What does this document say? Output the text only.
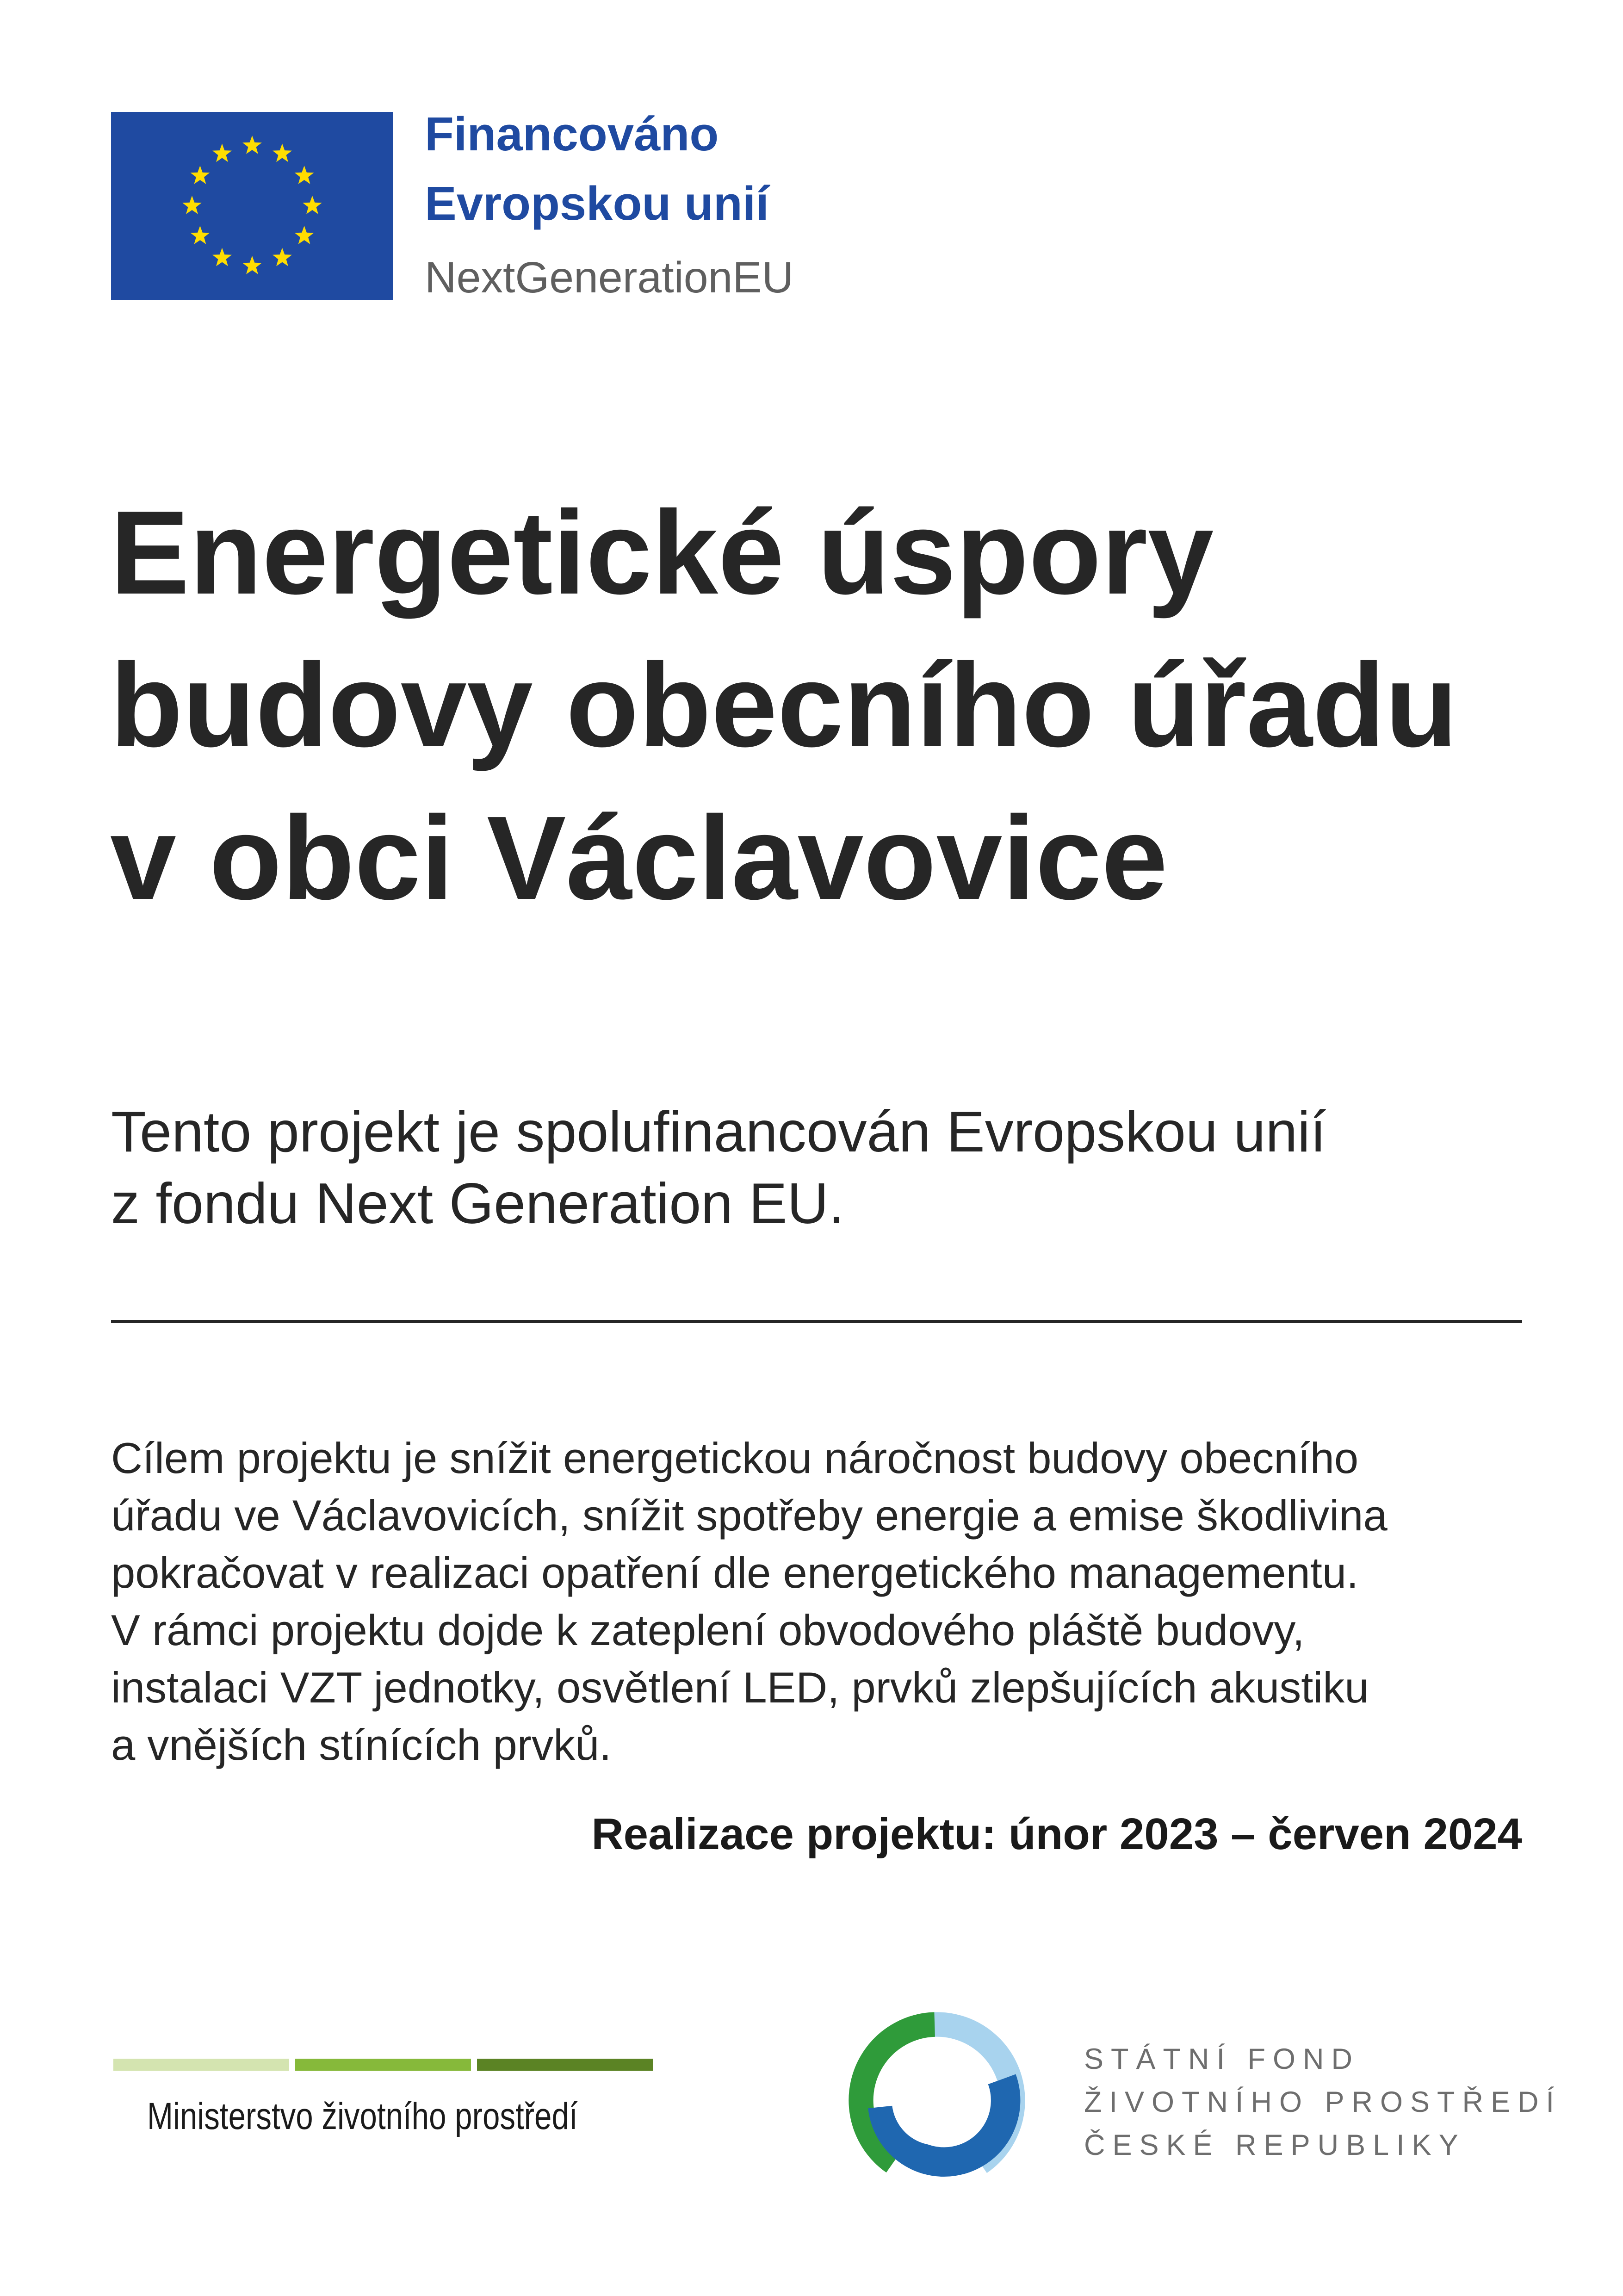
Financováno
Evropskou unií
NextGenerationEU
Energetické úspory
budovy obecního úřadu
v obci Václavovice
Tento projekt je spolufinancován Evropskou unií
z fondu Next Generation EU.
Cílem projektu je snížit energetickou náročnost budovy obecního
úřadu ve Václavovicích, snížit spotřeby energie a emise škodlivina
pokračovat v realizaci opatření dle energetického managementu.
V rámci projektu dojde k zateplení obvodového pláště budovy,
instalaci VZT jednotky, osvětlení LED, prvků zlepšujících akustiku
a vnějších stínících prvků.
Realizace projektu: únor 2023 – červen 2024
Ministerstvo životního prostředí
STÁTNÍ FOND
ŽIVOTNÍHO PROSTŘEDÍ
ČESKÉ REPUBLIKY
